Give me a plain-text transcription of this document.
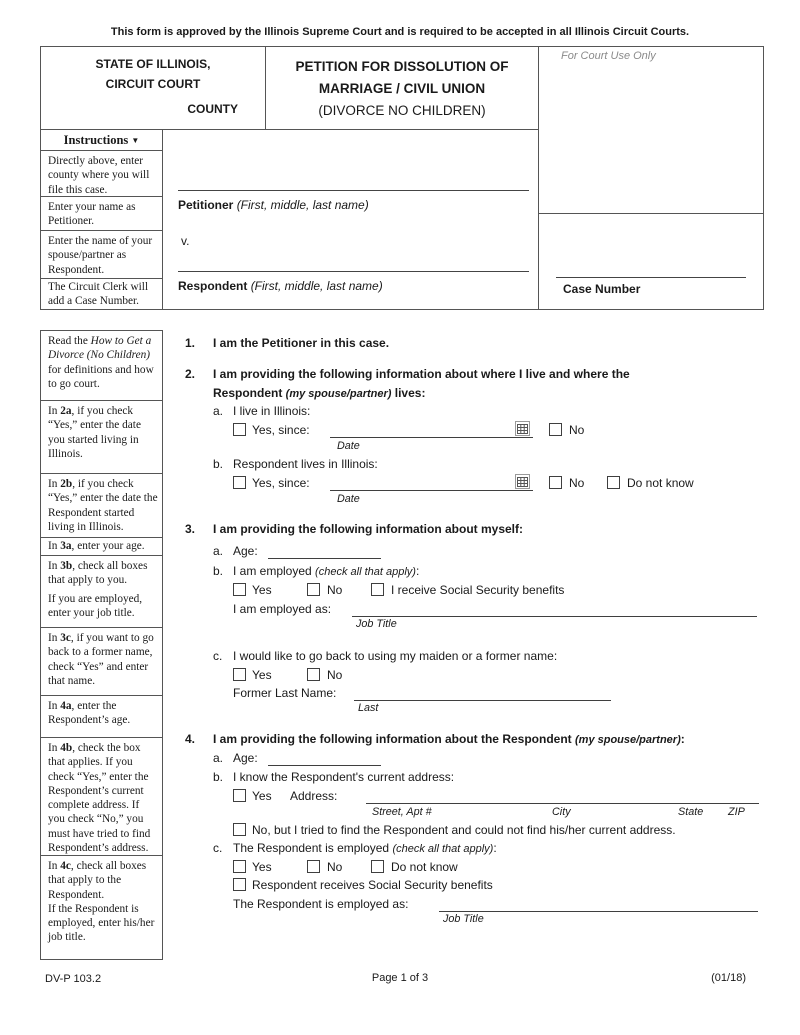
This form is approved by the Illinois Supreme Court and is required to be accepted in all Illinois Circuit Courts.
STATE OF ILLINOIS,
CIRCUIT COURT
COUNTY
PETITION FOR DISSOLUTION OF
MARRIAGE / CIVIL UNION
(DIVORCE NO CHILDREN)
For Court Use Only
Case Number
Instructions ▼
Directly above, enter county where you will file this case.
Enter your name as Petitioner.
Enter the name of your spouse/partner as Respondent.
The Circuit Clerk will add a Case Number.
Petitioner (First, middle, last name)
v.
Respondent (First, middle, last name)
Read the How to Get a Divorce (No Children) for definitions and how to go court.
In 2a, if you check “Yes,” enter the date you started living in Illinois.
In 2b, if you check “Yes,” enter the date the Respondent started living in Illinois.
In 3a, enter your age.
In 3b, check all boxes that apply to you.
If you are employed, enter your job title.
In 3c, if you want to go back to a former name, check “Yes” and enter that name.
In 4a, enter the Respondent’s age.
In 4b, check the box that applies. If you check “Yes,” enter the Respondent’s current complete address. If you check “No,” you must have tried to find Respondent’s address.
In 4c, check all boxes that apply to the Respondent.
If the Respondent is employed, enter his/her job title.
1. I am the Petitioner in this case.
2. I am providing the following information about where I live and where the
Respondent (my spouse/partner) lives:
a. I live in Illinois:
Yes, since:
Date
No
b. Respondent lives in Illinois:
Yes, since:
Date
No	Do not know
3. I am providing the following information about myself:
a. Age:
b. I am employed (check all that apply):
Yes	No	I receive Social Security benefits
I am employed as:
Job Title
c. I would like to go back to using my maiden or a former name:
Yes	No
Former Last Name:
Last
4. I am providing the following information about the Respondent (my spouse/partner):
a. Age:
b. I know the Respondent's current address:
Yes Address:
Street, Apt #	City	State ZIP
No, but I tried to find the Respondent and could not find his/her current address.
c. The Respondent is employed (check all that apply):
Yes	No	Do not know
Respondent receives Social Security benefits
The Respondent is employed as:
Job Title
DV-P 103.2	Page 1 of 3	(01/18)
